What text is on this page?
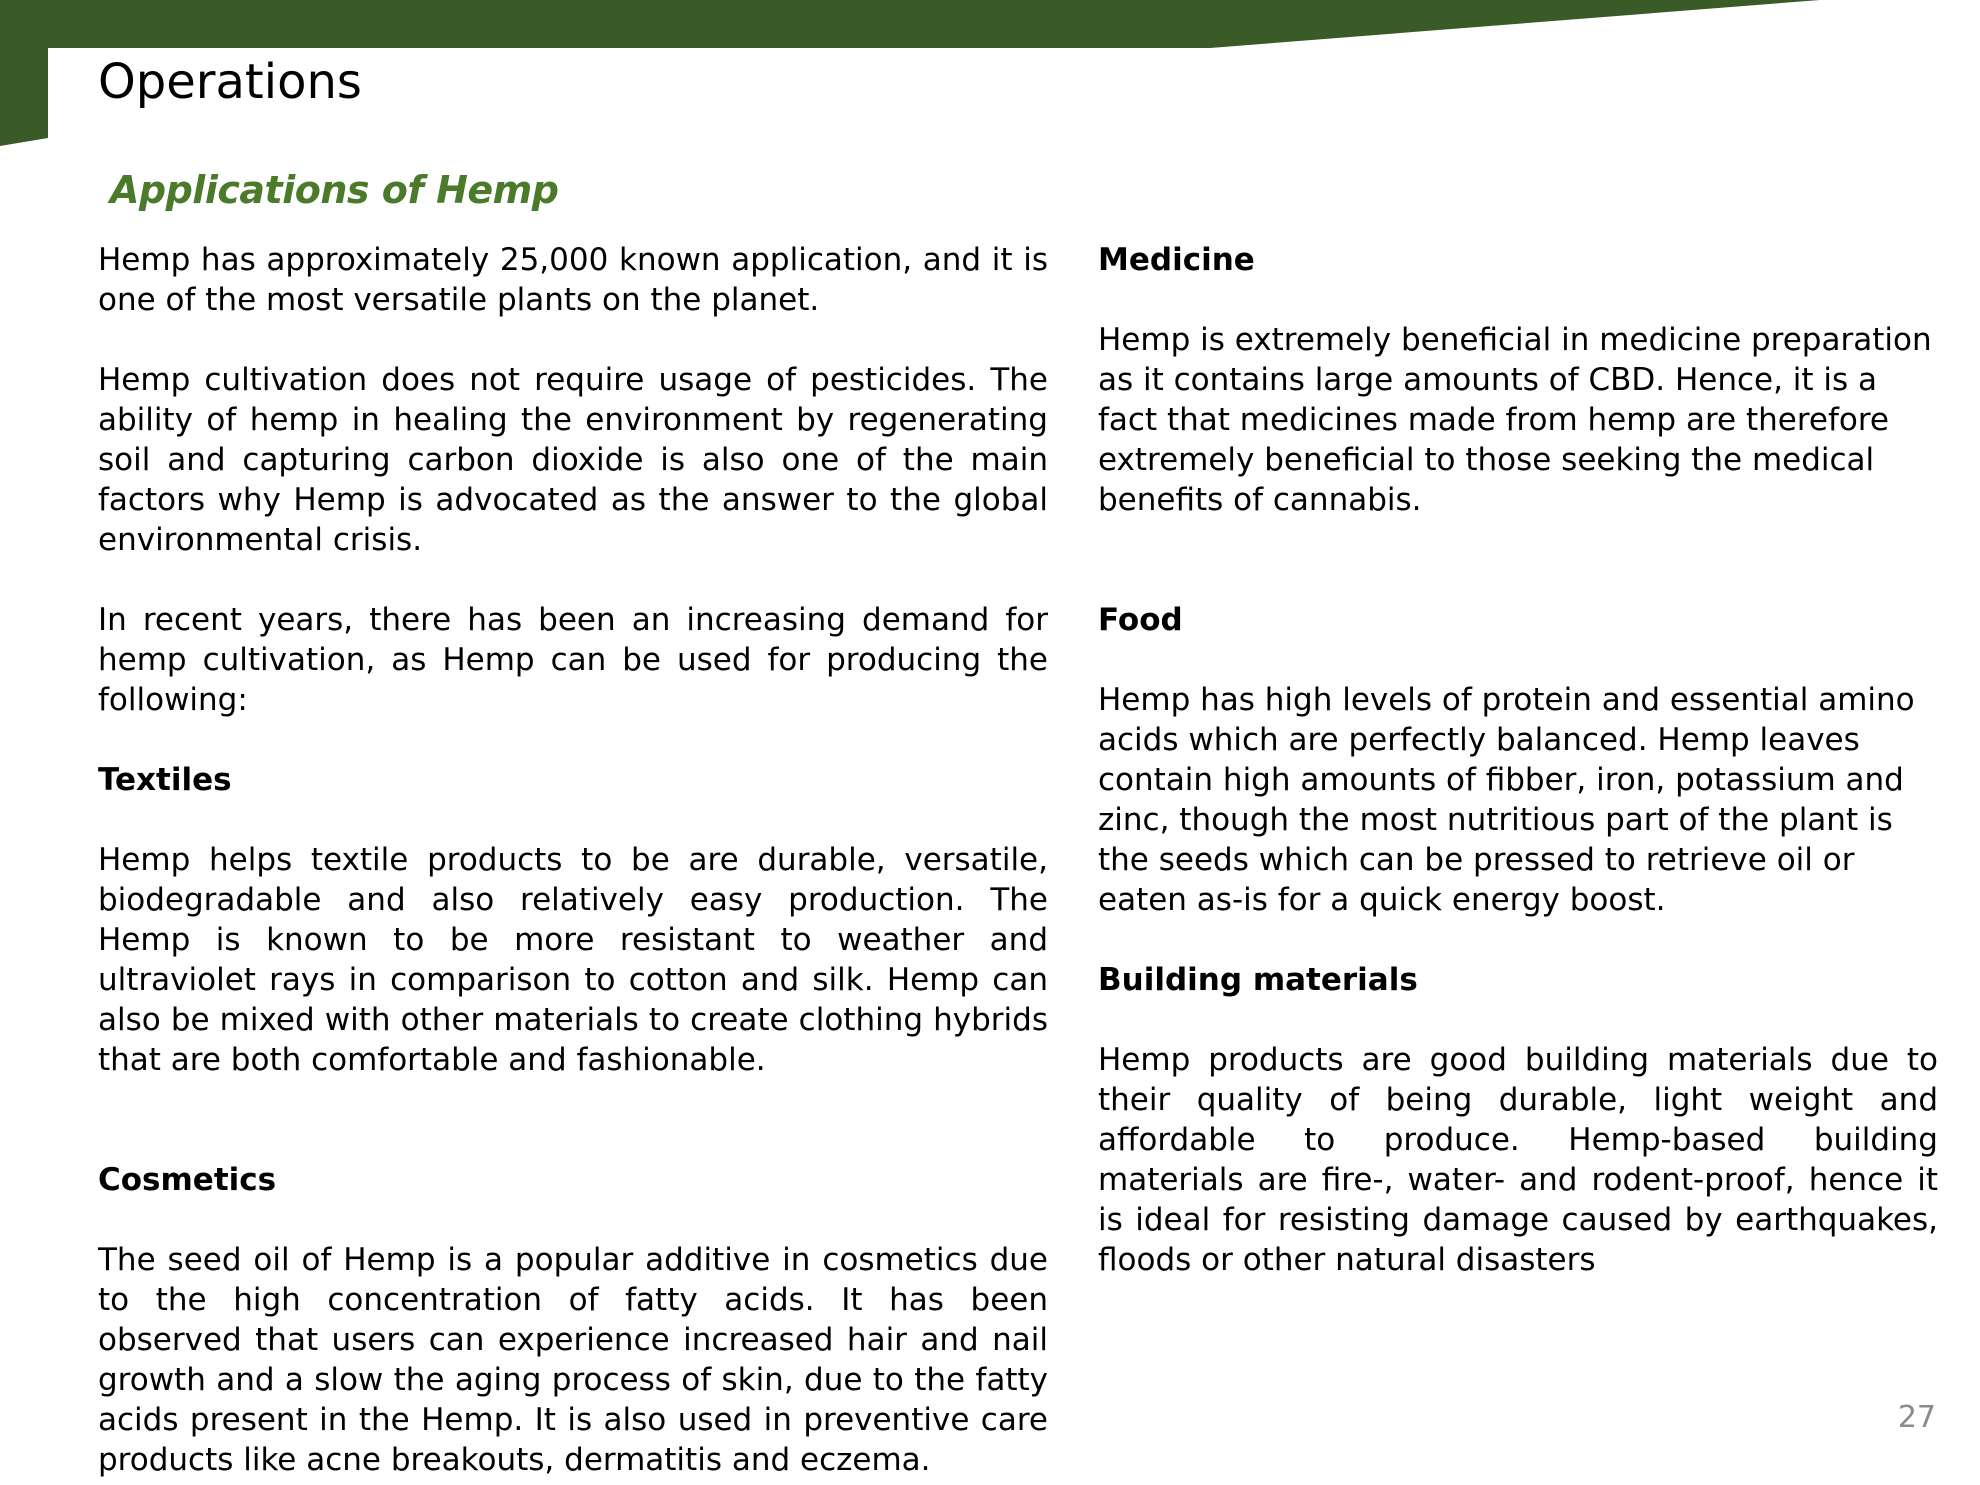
Operations
Applications of Hemp

Hemp has approximately 25,000 known application, and it is one of the most versatile plants on the planet.

Hemp cultivation does not require usage of pesticides. The ability of hemp in healing the environment by regenerating soil and capturing carbon dioxide is also one of the main factors why Hemp is advocated as the answer to the global environmental crisis.

In recent years, there has been an increasing demand for hemp cultivation, as Hemp can be used for producing the following:

Textiles

Hemp helps textile products to be are durable, versatile, biodegradable and also relatively easy production. The Hemp is known to be more resistant to weather and ultraviolet rays in comparison to cotton and silk. Hemp can also be mixed with other materials to create clothing hybrids that are both comfortable and fashionable.

Cosmetics

The seed oil of Hemp is a popular additive in cosmetics due to the high concentration of fatty acids. It has been observed that users can experience increased hair and nail growth and a slow the aging process of skin, due to the fatty acids present in the Hemp. It is also used in preventive care products like acne breakouts, dermatitis and eczema.

Medicine

Hemp is extremely beneficial in medicine preparation as it contains large amounts of CBD. Hence, it is a fact that medicines made from hemp are therefore extremely beneficial to those seeking the medical benefits of cannabis.

Food

Hemp has high levels of protein and essential amino acids which are perfectly balanced. Hemp leaves contain high amounts of fibber, iron, potassium and zinc, though the most nutritious part of the plant is the seeds which can be pressed to retrieve oil or eaten as-is for a quick energy boost.

Building materials

Hemp products are good building materials due to their quality of being durable, light weight and affordable to produce. Hemp-based building materials are fire-, water- and rodent-proof, hence it is ideal for resisting damage caused by earthquakes, floods or other natural disasters

27
